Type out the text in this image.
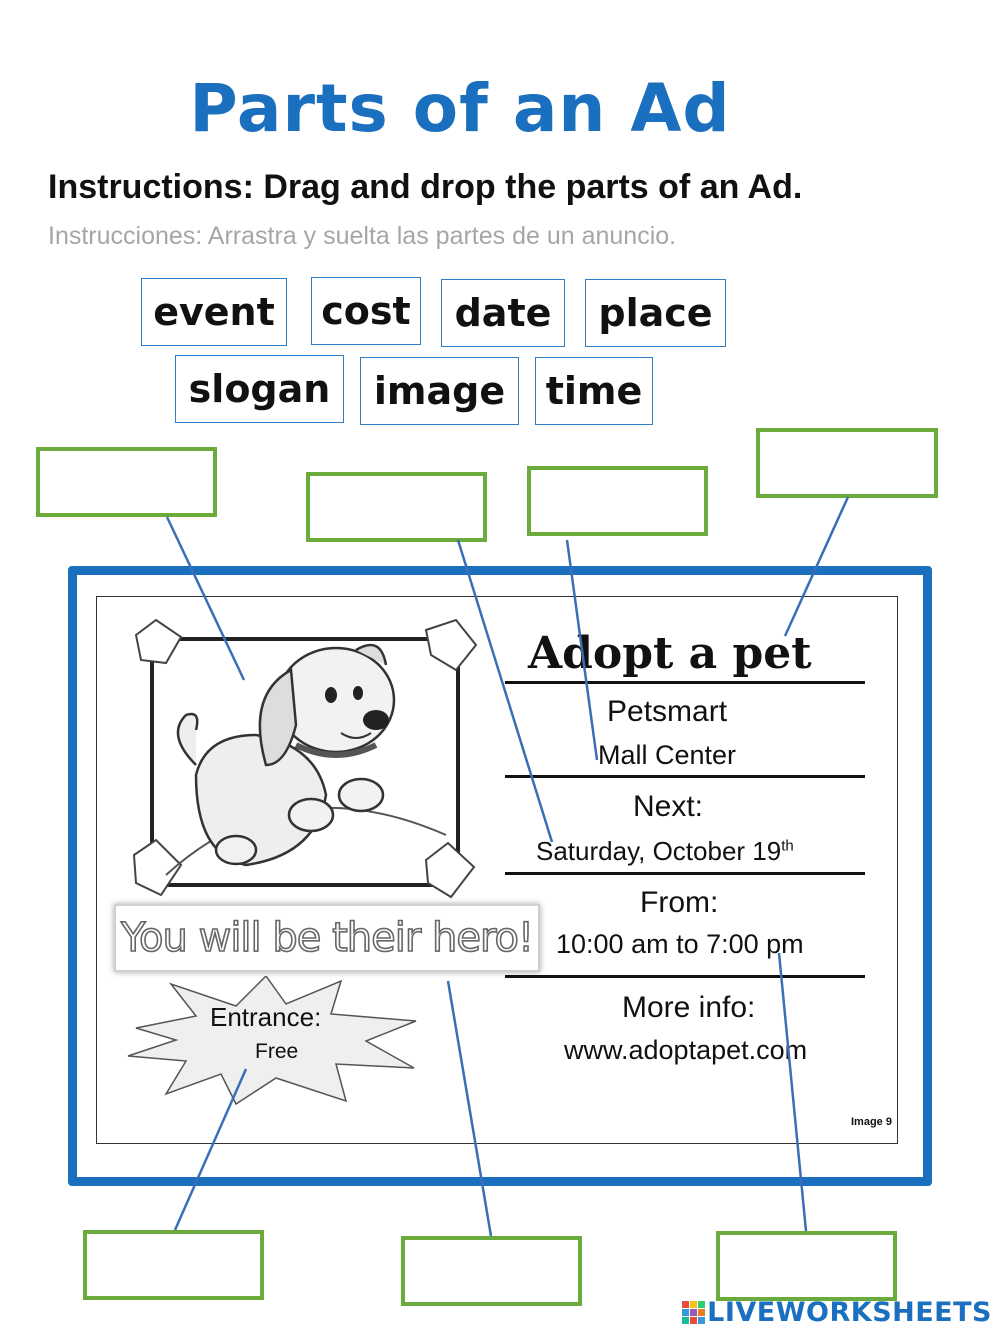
Parts of an Ad
Instructions: Drag and drop the parts of an Ad.
Instrucciones: Arrastra y suelta las partes de un anuncio.
event	cost	date	place
slogan	image	time
You will be their hero!
Entrance:
Free
Adopt a pet
Petsmart
Mall Center
Next:
Saturday, October 19th
From:
10:00 am to 7:00 pm
More info:
www.adoptapet.com
Image 9
LIVEWORKSHEETS
